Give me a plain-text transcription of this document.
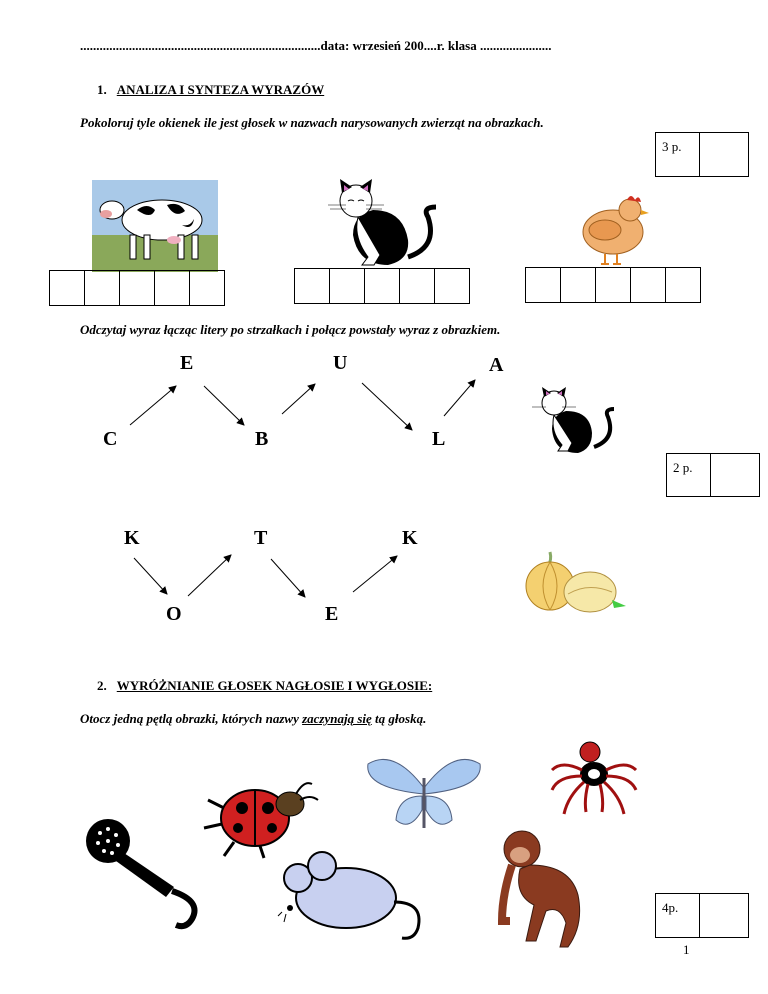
..........................................................................data: wrzesień 200....r. klasa ......................
1. ANALIZA I SYNTEZA WYRAZÓW
Pokoloruj tyle okienek ile jest głosek w nazwach narysowanych zwierząt na obrazkach.
3 p.
Odczytaj wyraz łącząc litery po strzałkach i połącz powstały wyraz z obrazkiem.
C
E
B
U
L
A
2 p.
K
O
T
E
K
2. WYRÓŻNIANIE GŁOSEK NAGŁOSIE I WYGŁOSIE:
Otocz jedną pętlą obrazki, których nazwy zaczynają się tą głoską.
4p.
1
